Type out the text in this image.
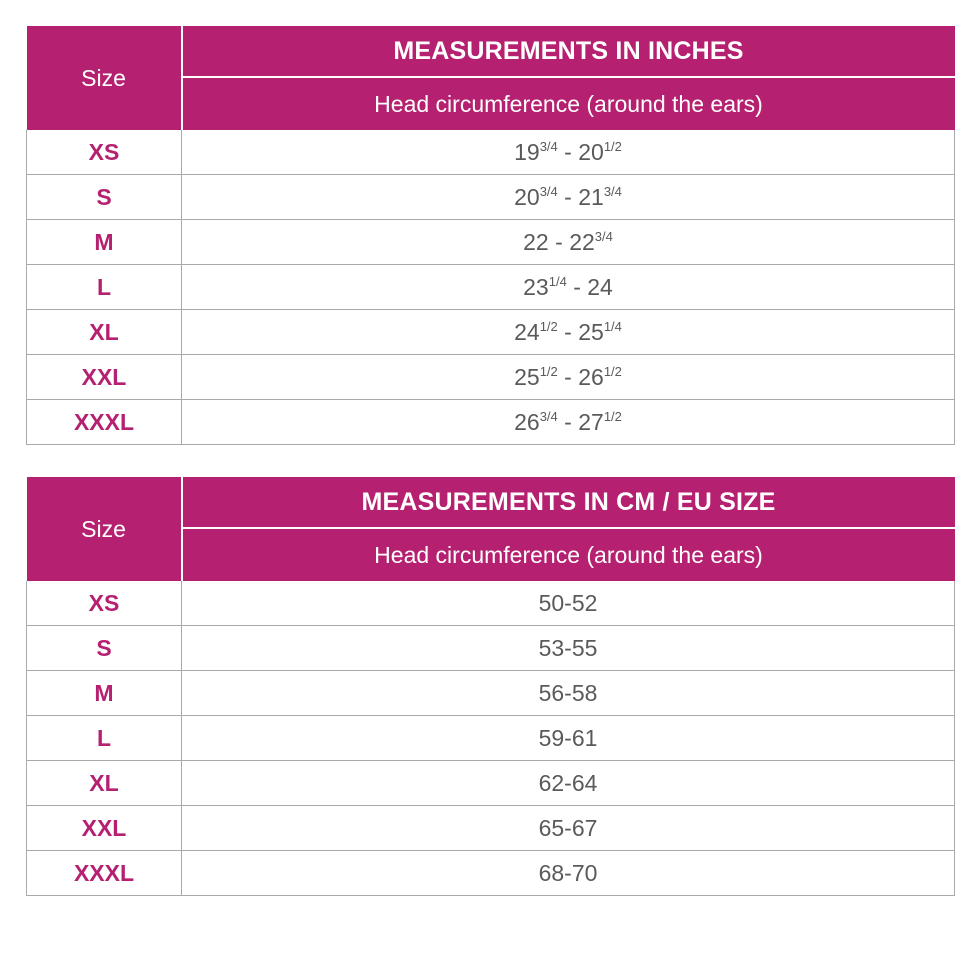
Size	MEASUREMENTS IN INCHES
	Head circumference (around the ears)
XS	$19^{3/4} - 20^{1/2}$
S	$20^{3/4} - 21^{3/4}$
M	$22 - 22^{3/4}$
L	$23^{1/4} - 24$
XL	$24^{1/2} - 25^{1/4}$
XXL	$25^{1/2} - 26^{1/2}$
XXXL	$26^{3/4} - 27^{1/2}$
Size	MEASUREMENTS IN CM / EU SIZE
	Head circumference (around the ears)
XS	50-52
S	53-55
M	56-58
L	59-61
XL	62-64
XXL	65-67
XXXL	68-70
